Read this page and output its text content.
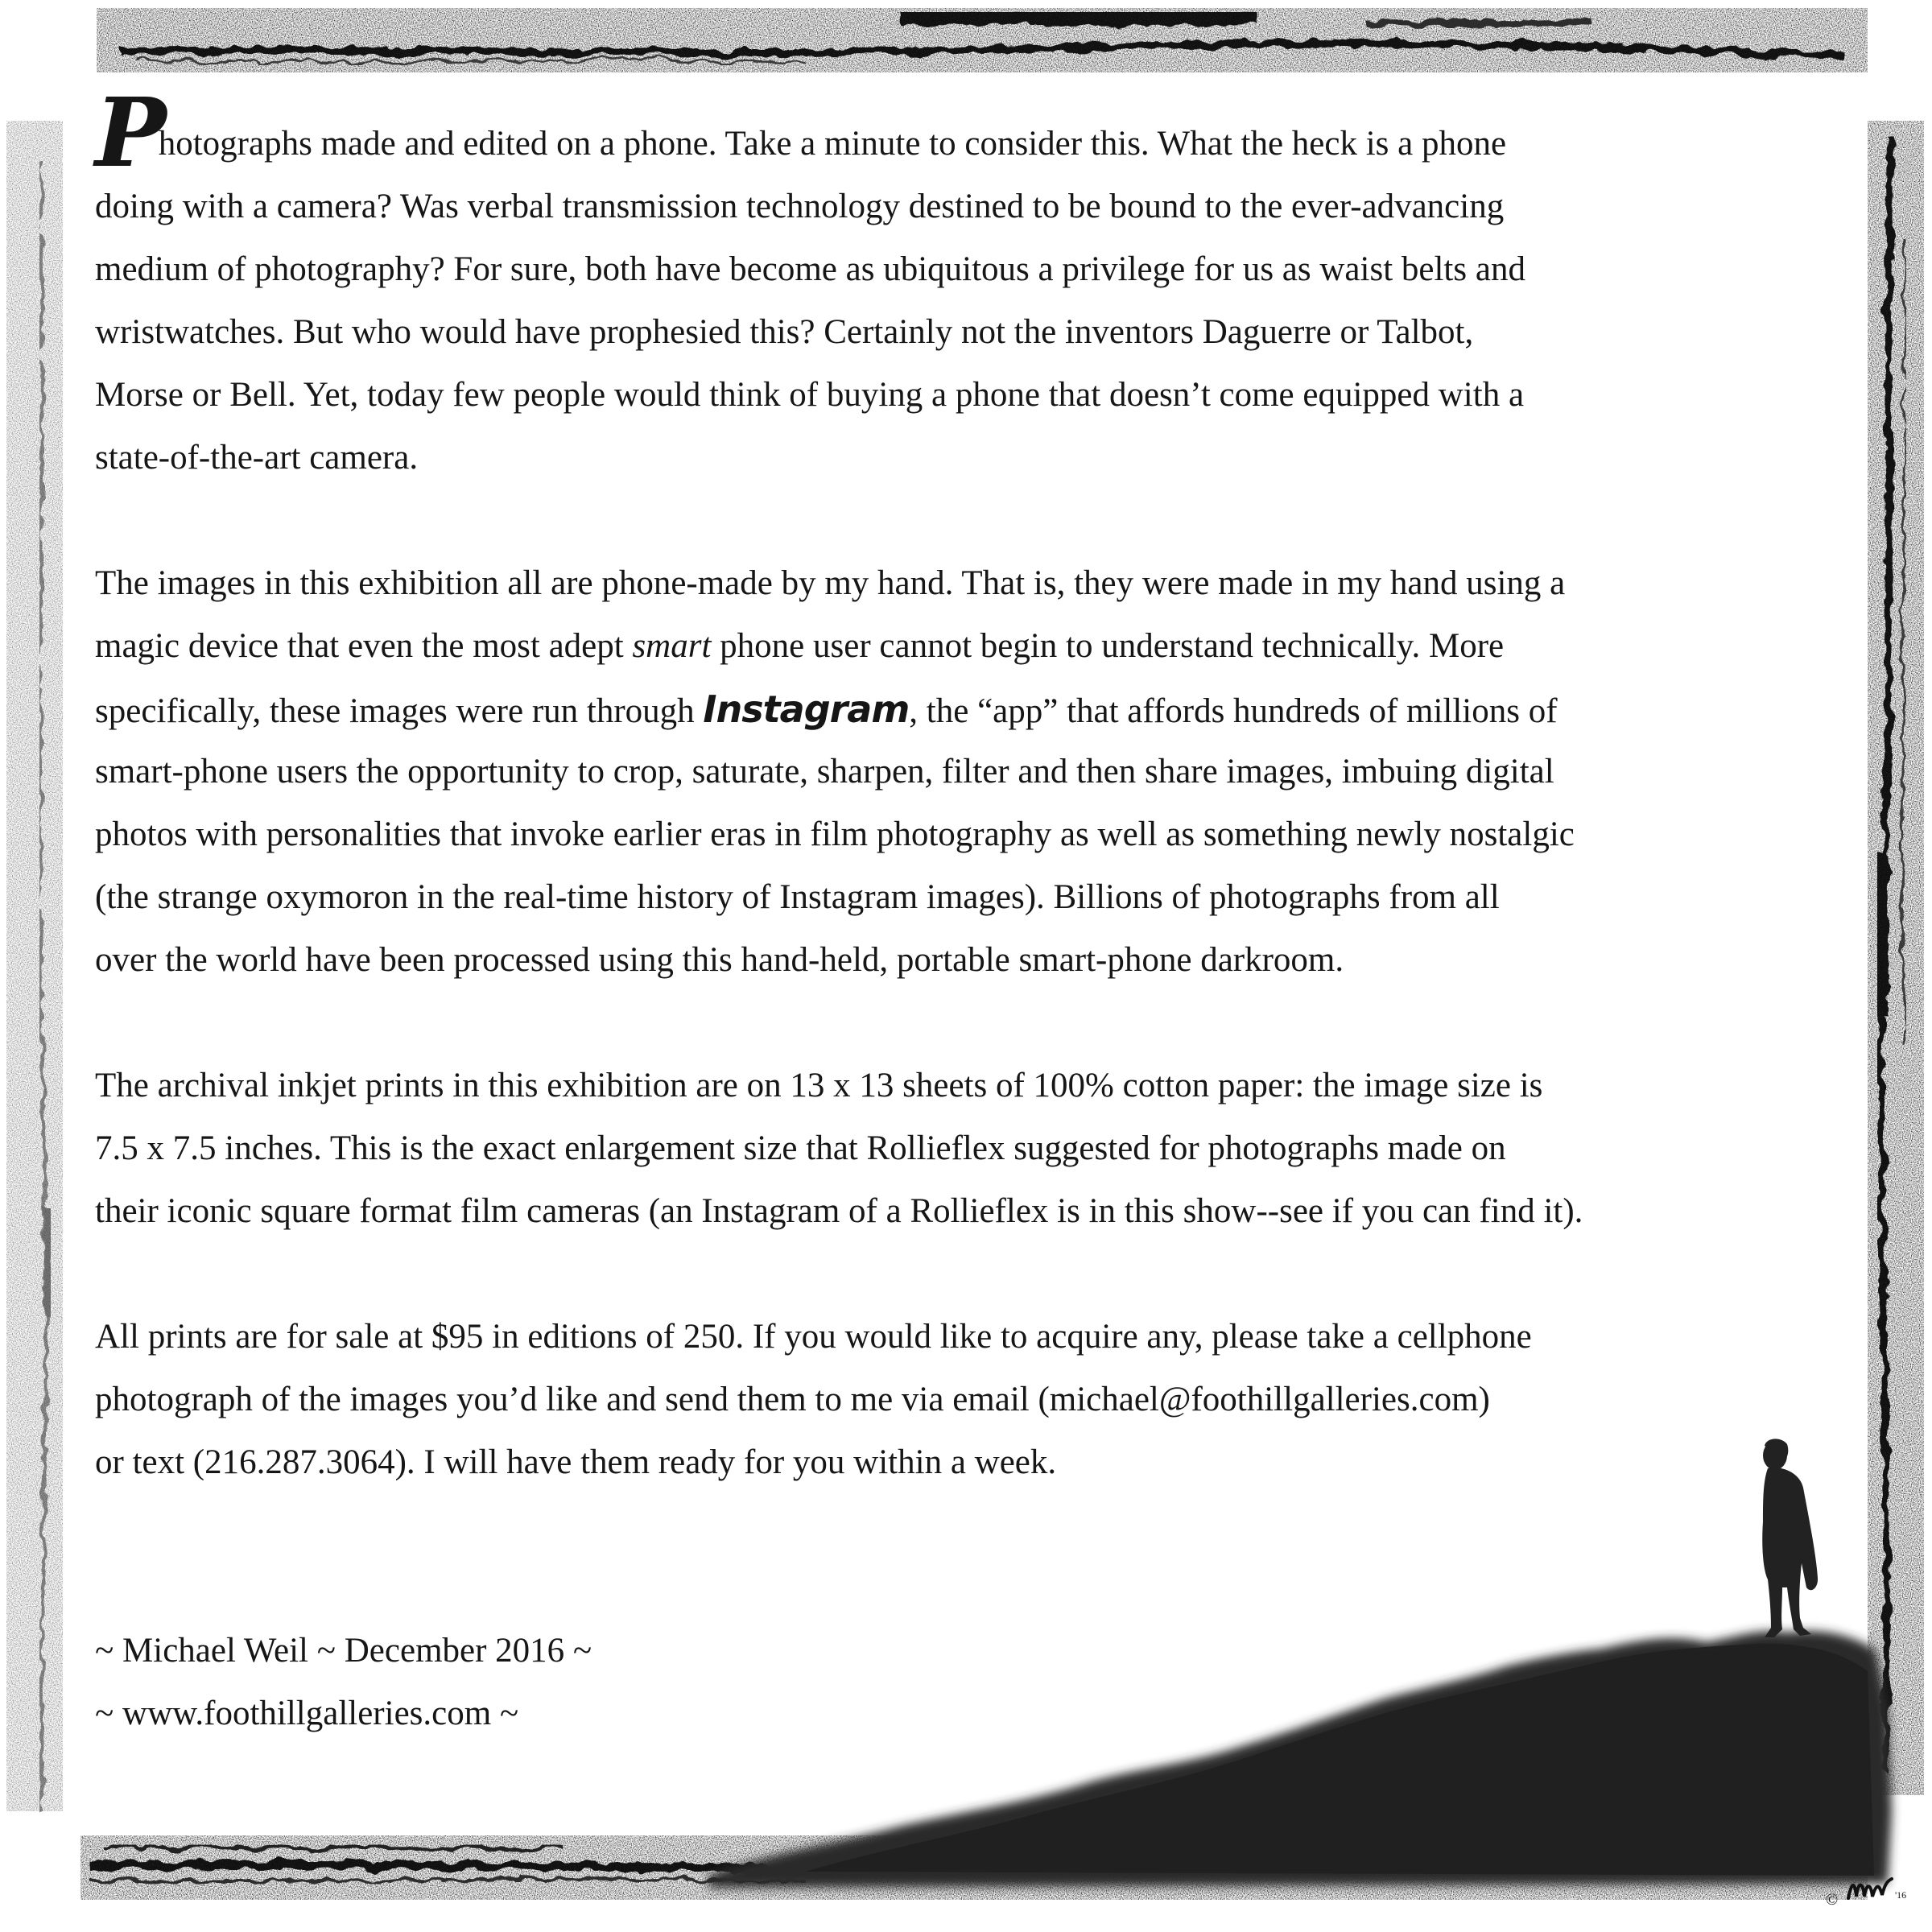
Photographs made and edited on a phone. Take a minute to consider this. What the heck is a phone
doing with a camera? Was verbal transmission technology destined to be bound to the ever-advancing
medium of photography? For sure, both have become as ubiquitous a privilege for us as waist belts and
wristwatches. But who would have prophesied this? Certainly not the inventors Daguerre or Talbot,
Morse or Bell. Yet, today few people would think of buying a phone that doesn’t come equipped with a
state-of-the-art camera.
The images in this exhibition all are phone-made by my hand. That is, they were made in my hand using a
magic device that even the most adept smart phone user cannot begin to understand technically. More
specifically, these images were run through Instagram, the “app” that affords hundreds of millions of
smart-phone users the opportunity to crop, saturate, sharpen, filter and then share images, imbuing digital
photos with personalities that invoke earlier eras in film photography as well as something newly nostalgic
(the strange oxymoron in the real-time history of Instagram images). Billions of photographs from all
over the world have been processed using this hand-held, portable smart-phone darkroom.
The archival inkjet prints in this exhibition are on 13 x 13 sheets of 100% cotton paper: the image size is
7.5 x 7.5 inches. This is the exact enlargement size that Rollieflex suggested for photographs made on
their iconic square format film cameras (an Instagram of a Rollieflex is in this show--see if you can find it).
All prints are for sale at $95 in editions of 250. If you would like to acquire any, please take a cellphone
photograph of the images you’d like and send them to me via email (michael@foothillgalleries.com)
or text (216.287.3064). I will have them ready for you within a week.
~ Michael Weil ~ December 2016 ~
~ www.foothillgalleries.com ~
©	'16
